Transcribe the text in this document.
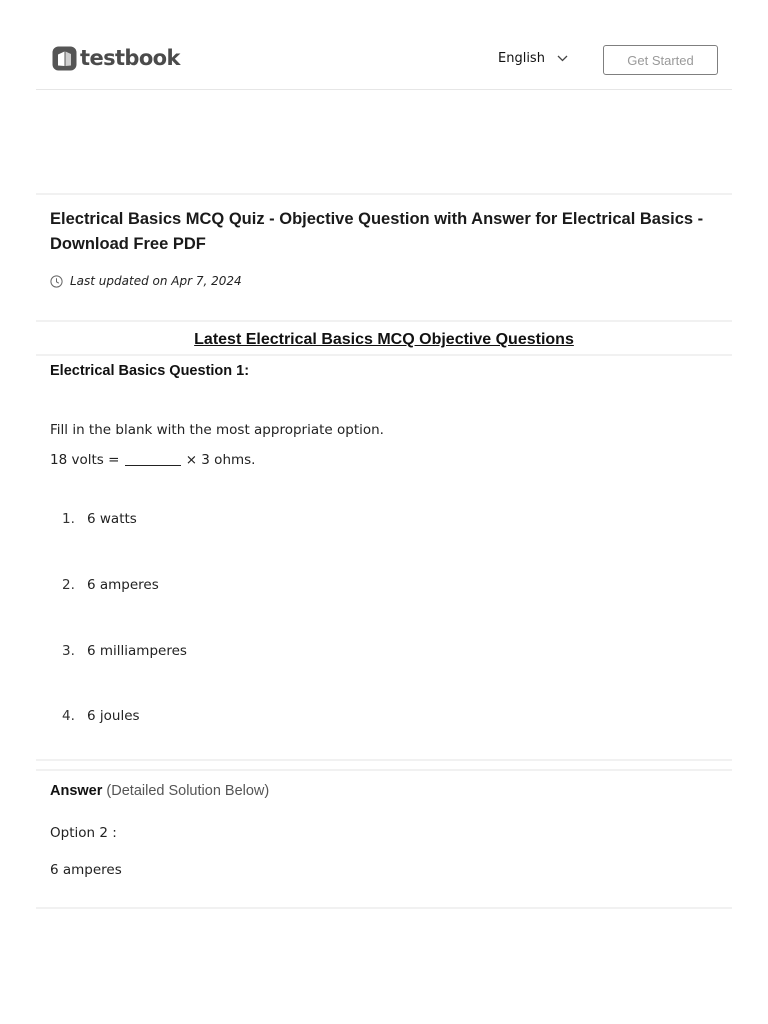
testbook	English	Get Started
Electrical Basics MCQ Quiz - Objective Question with Answer for Electrical Basics - Download Free PDF
Last updated on Apr 7, 2024
Latest Electrical Basics MCQ Objective Questions
Electrical Basics Question 1:

Fill in the blank with the most appropriate option.

18 volts =	× 3 ohms.

1. 6 watts
2. 6 amperes
3. 6 milliamperes
4. 6 joules

Answer (Detailed Solution Below)

Option 2 :

6 amperes
